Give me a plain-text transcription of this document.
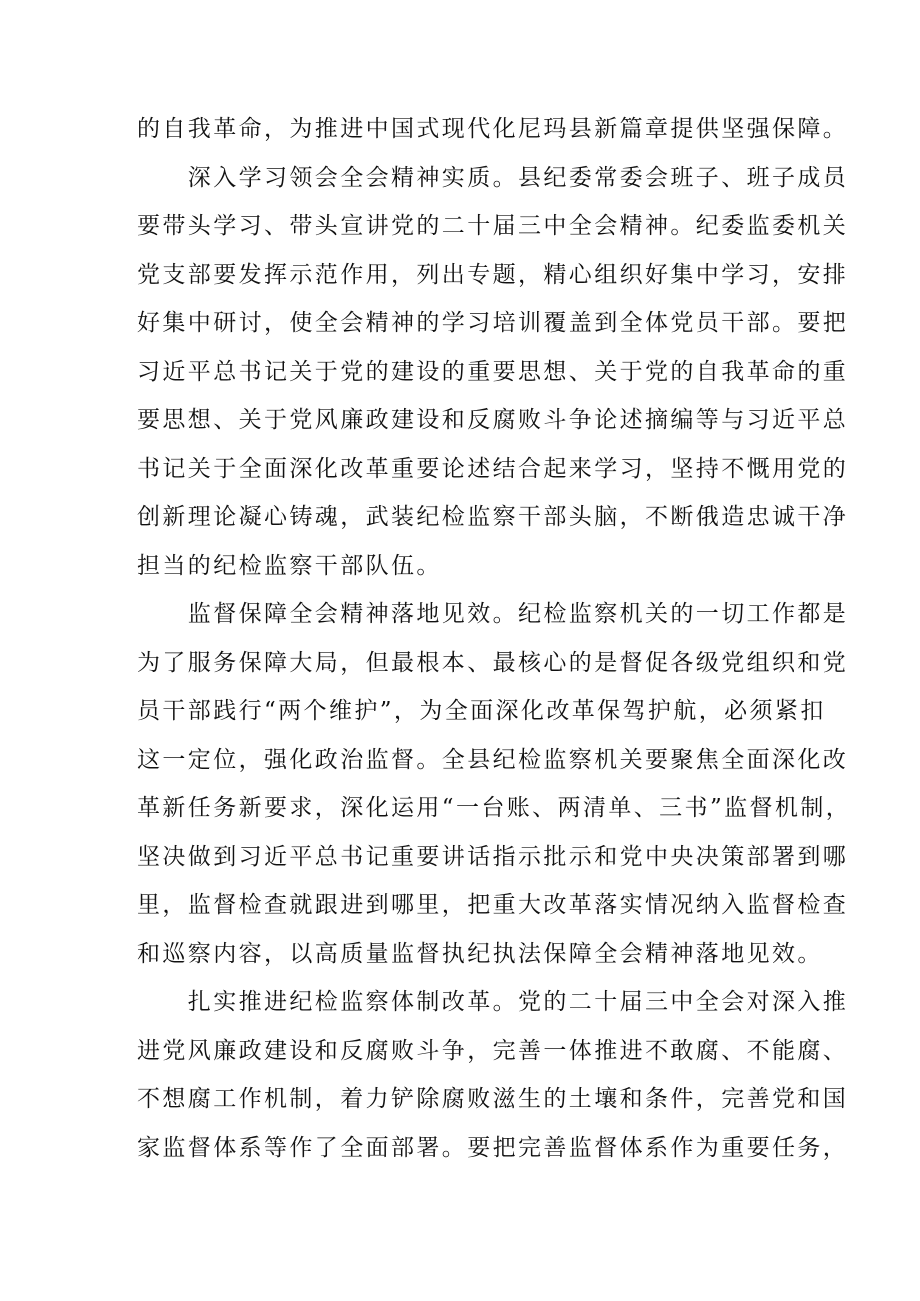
的自我革命，为推进中国式现代化尼玛县新篇章提供坚强保障。
　　深入学习领会全会精神实质。县纪委常委会班子、班子成员
要带头学习、带头宣讲党的二十届三中全会精神。纪委监委机关
党支部要发挥示范作用，列出专题，精心组织好集中学习，安排
好集中研讨，使全会精神的学习培训覆盖到全体党员干部。要把
习近平总书记关于党的建设的重要思想、关于党的自我革命的重
要思想、关于党风廉政建设和反腐败斗争论述摘编等与习近平总
书记关于全面深化改革重要论述结合起来学习，坚持不慨用党的
创新理论凝心铸魂，武装纪检监察干部头脑，不断俄造忠诚干净
担当的纪检监察干部队伍。
　　监督保障全会精神落地见效。纪检监察机关的一切工作都是
为了服务保障大局，但最根本、最核心的是督促各级党组织和党
员干部践行“两个维护”，为全面深化改革保驾护航，必须紧扣
这一定位，强化政治监督。全县纪检监察机关要聚焦全面深化改
革新任务新要求，深化运用“一台账、两清单、三书”监督机制，
坚决做到习近平总书记重要讲话指示批示和党中央决策部署到哪
里，监督检查就跟进到哪里，把重大改革落实情况纳入监督检查
和巡察内容，以高质量监督执纪执法保障全会精神落地见效。
　　扎实推进纪检监察体制改革。党的二十届三中全会对深入推
进党风廉政建设和反腐败斗争，完善一体推进不敢腐、不能腐、
不想腐工作机制，着力铲除腐败滋生的土壤和条件，完善党和国
家监督体系等作了全面部署。要把完善监督体系作为重要任务，
